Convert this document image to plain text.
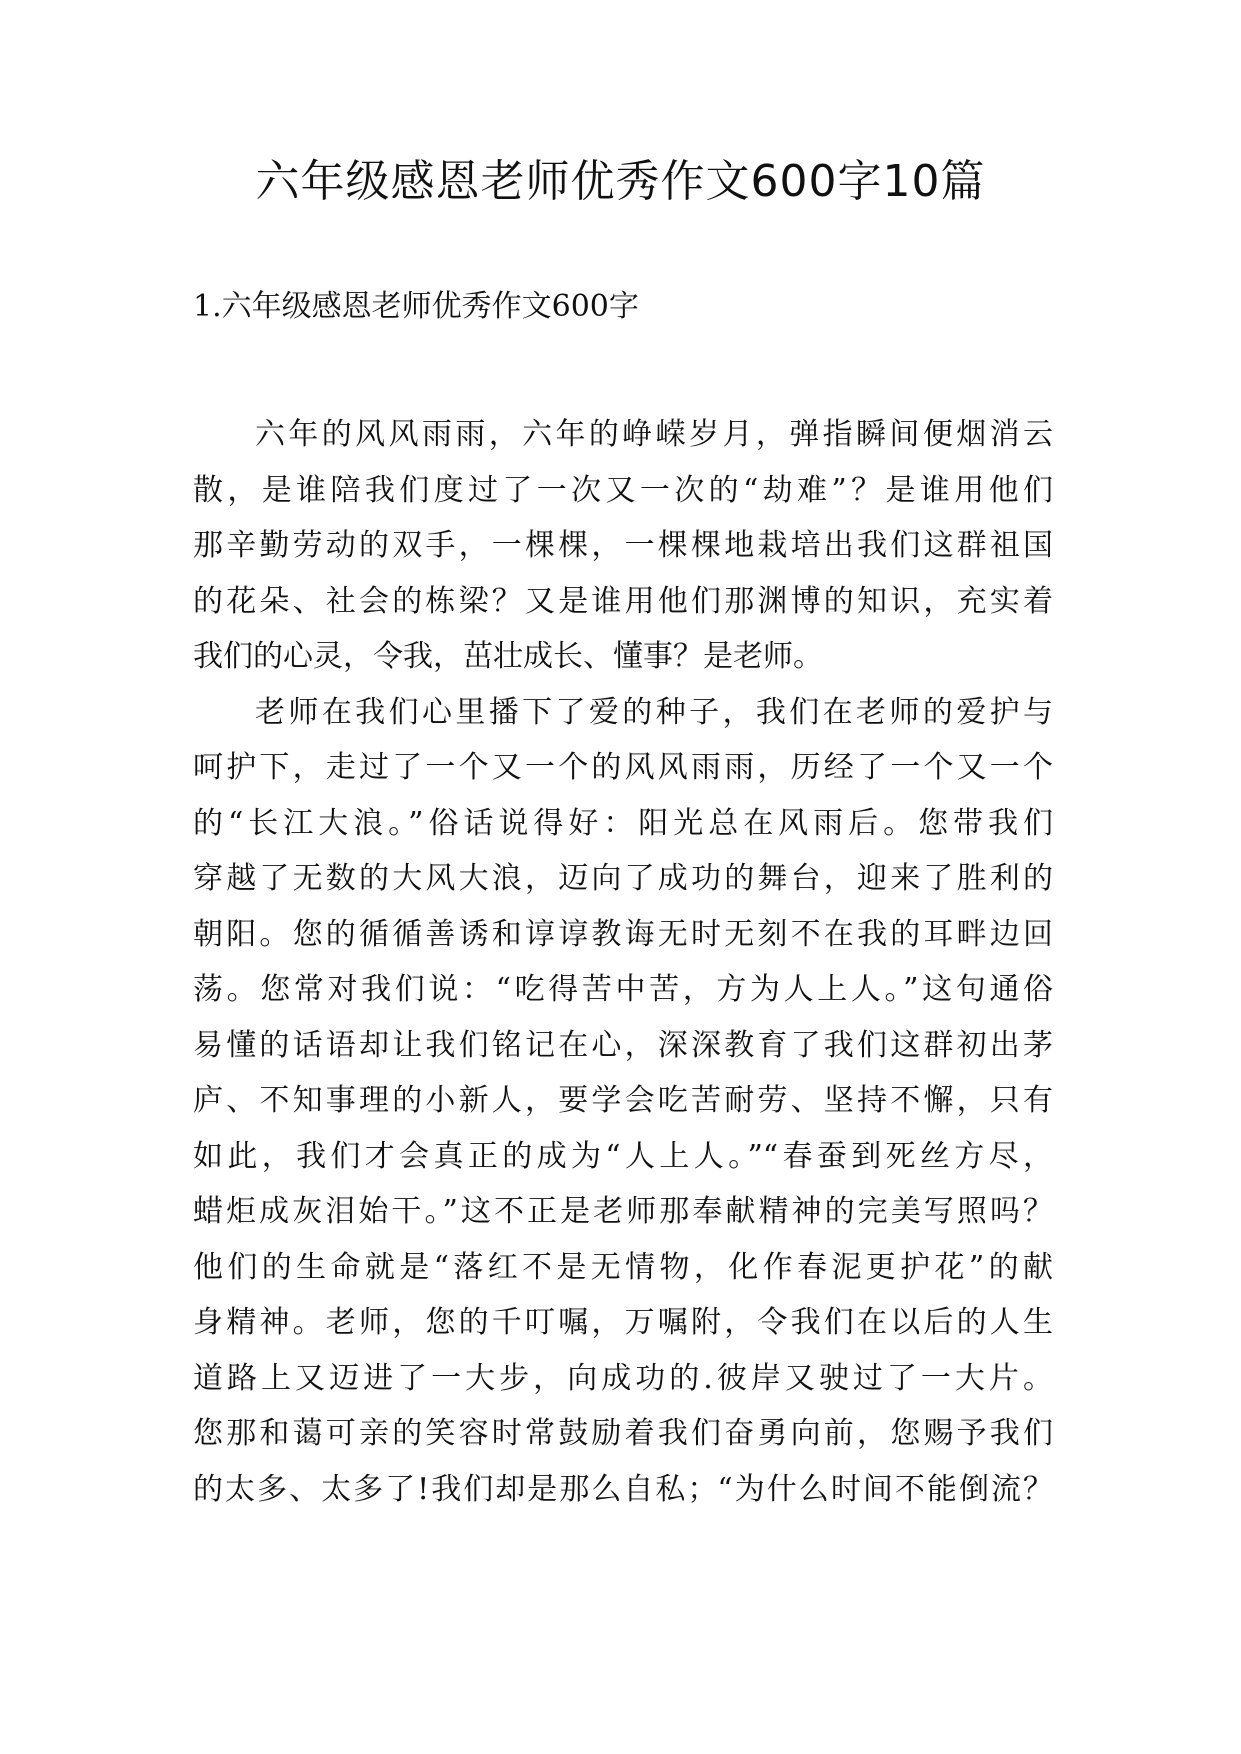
六年级感恩老师优秀作文600字10篇
1.六年级感恩老师优秀作文600字
六年的风风雨雨，六年的峥嵘岁月，弹指瞬间便烟消云
散，是谁陪我们度过了一次又一次的“劫难”？是谁用他们
那辛勤劳动的双手，一棵棵，一棵棵地栽培出我们这群祖国
的花朵、社会的栋梁？又是谁用他们那渊博的知识，充实着
我们的心灵，令我，茁壮成长、懂事？是老师。
老师在我们心里播下了爱的种子，我们在老师的爱护与
呵护下，走过了一个又一个的风风雨雨，历经了一个又一个
的“长江大浪。”俗话说得好：阳光总在风雨后。您带我们
穿越了无数的大风大浪，迈向了成功的舞台，迎来了胜利的
朝阳。您的循循善诱和谆谆教诲无时无刻不在我的耳畔边回
荡。您常对我们说：“吃得苦中苦，方为人上人。”这句通俗
易懂的话语却让我们铭记在心，深深教育了我们这群初出茅
庐、不知事理的小新人，要学会吃苦耐劳、坚持不懈，只有
如此，我们才会真正的成为“人上人。”“春蚕到死丝方尽，
蜡炬成灰泪始干。”这不正是老师那奉献精神的完美写照吗？
他们的生命就是“落红不是无情物，化作春泥更护花”的献
身精神。老师，您的千叮嘱，万嘱附，令我们在以后的人生
道路上又迈进了一大步，向成功的.彼岸又驶过了一大片。
您那和蔼可亲的笑容时常鼓励着我们奋勇向前，您赐予我们
的太多、太多了!我们却是那么自私；“为什么时间不能倒流？
